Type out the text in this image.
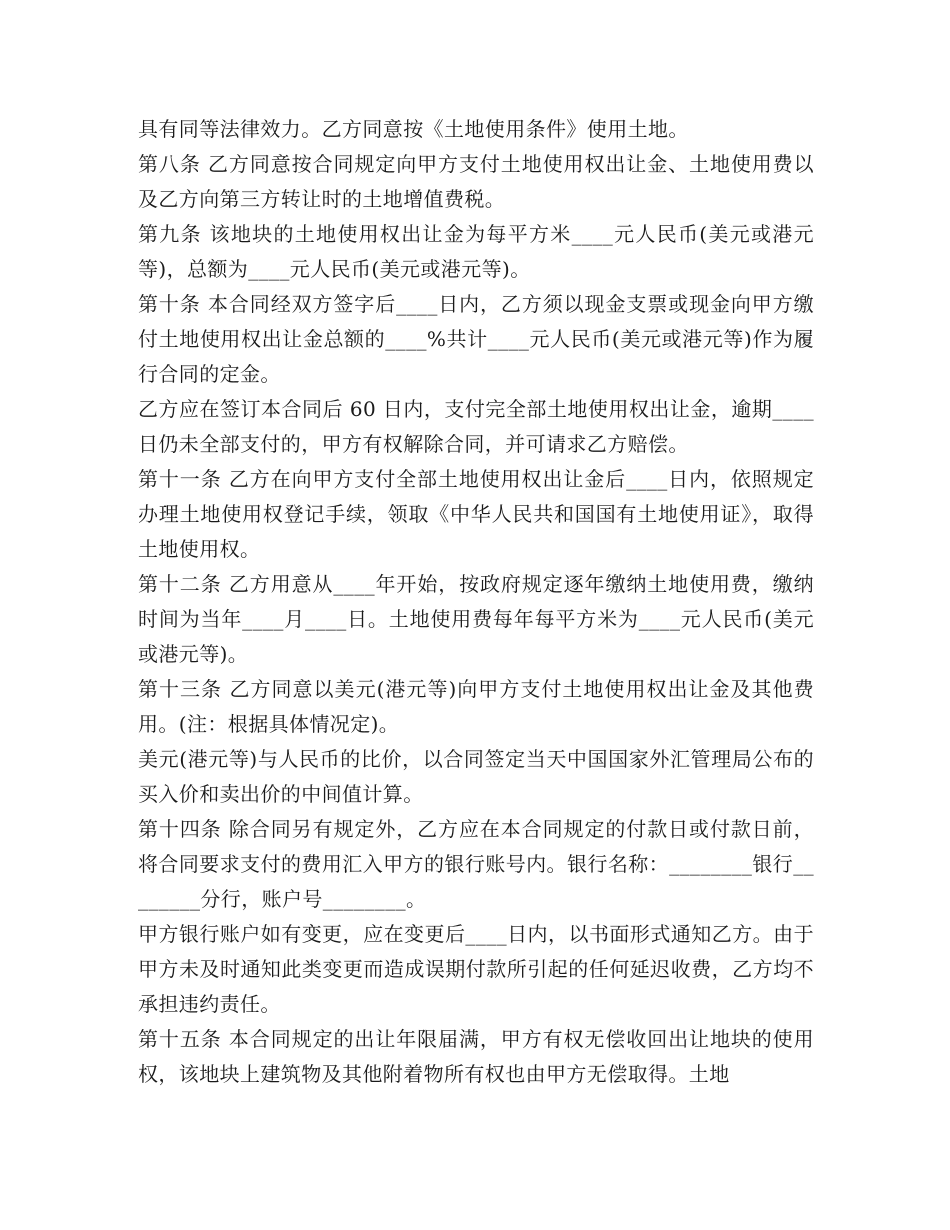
具有同等法律效力。乙方同意按《土地使用条件》使用土地。

第八条 乙方同意按合同规定向甲方支付土地使用权出让金、土地使用费以及乙方向第三方转让时的土地增值费税。

第九条 该地块的土地使用权出让金为每平方米____元人民币(美元或港元等)，总额为____元人民币(美元或港元等)。

第十条 本合同经双方签字后____日内，乙方须以现金支票或现金向甲方缴付土地使用权出让金总额的____%共计____元人民币(美元或港元等)作为履行合同的定金。

乙方应在签订本合同后 60 日内，支付完全部土地使用权出让金，逾期____日仍未全部支付的，甲方有权解除合同，并可请求乙方赔偿。

第十一条 乙方在向甲方支付全部土地使用权出让金后____日内，依照规定办理土地使用权登记手续，领取《中华人民共和国国有土地使用证》，取得土地使用权。

第十二条 乙方用意从____年开始，按政府规定逐年缴纳土地使用费，缴纳时间为当年____月____日。土地使用费每年每平方米为____元人民币(美元或港元等)。

第十三条 乙方同意以美元(港元等)向甲方支付土地使用权出让金及其他费用。(注：根据具体情况定)。

美元(港元等)与人民币的比价，以合同签定当天中国国家外汇管理局公布的买入价和卖出价的中间值计算。

第十四条 除合同另有规定外，乙方应在本合同规定的付款日或付款日前，将合同要求支付的费用汇入甲方的银行账号内。银行名称：________银行________分行，账户号________。

甲方银行账户如有变更，应在变更后____日内，以书面形式通知乙方。由于甲方未及时通知此类变更而造成误期付款所引起的任何延迟收费，乙方均不承担违约责任。

第十五条 本合同规定的出让年限届满，甲方有权无偿收回出让地块的使用权，该地块上建筑物及其他附着物所有权也由甲方无偿取得。土地
